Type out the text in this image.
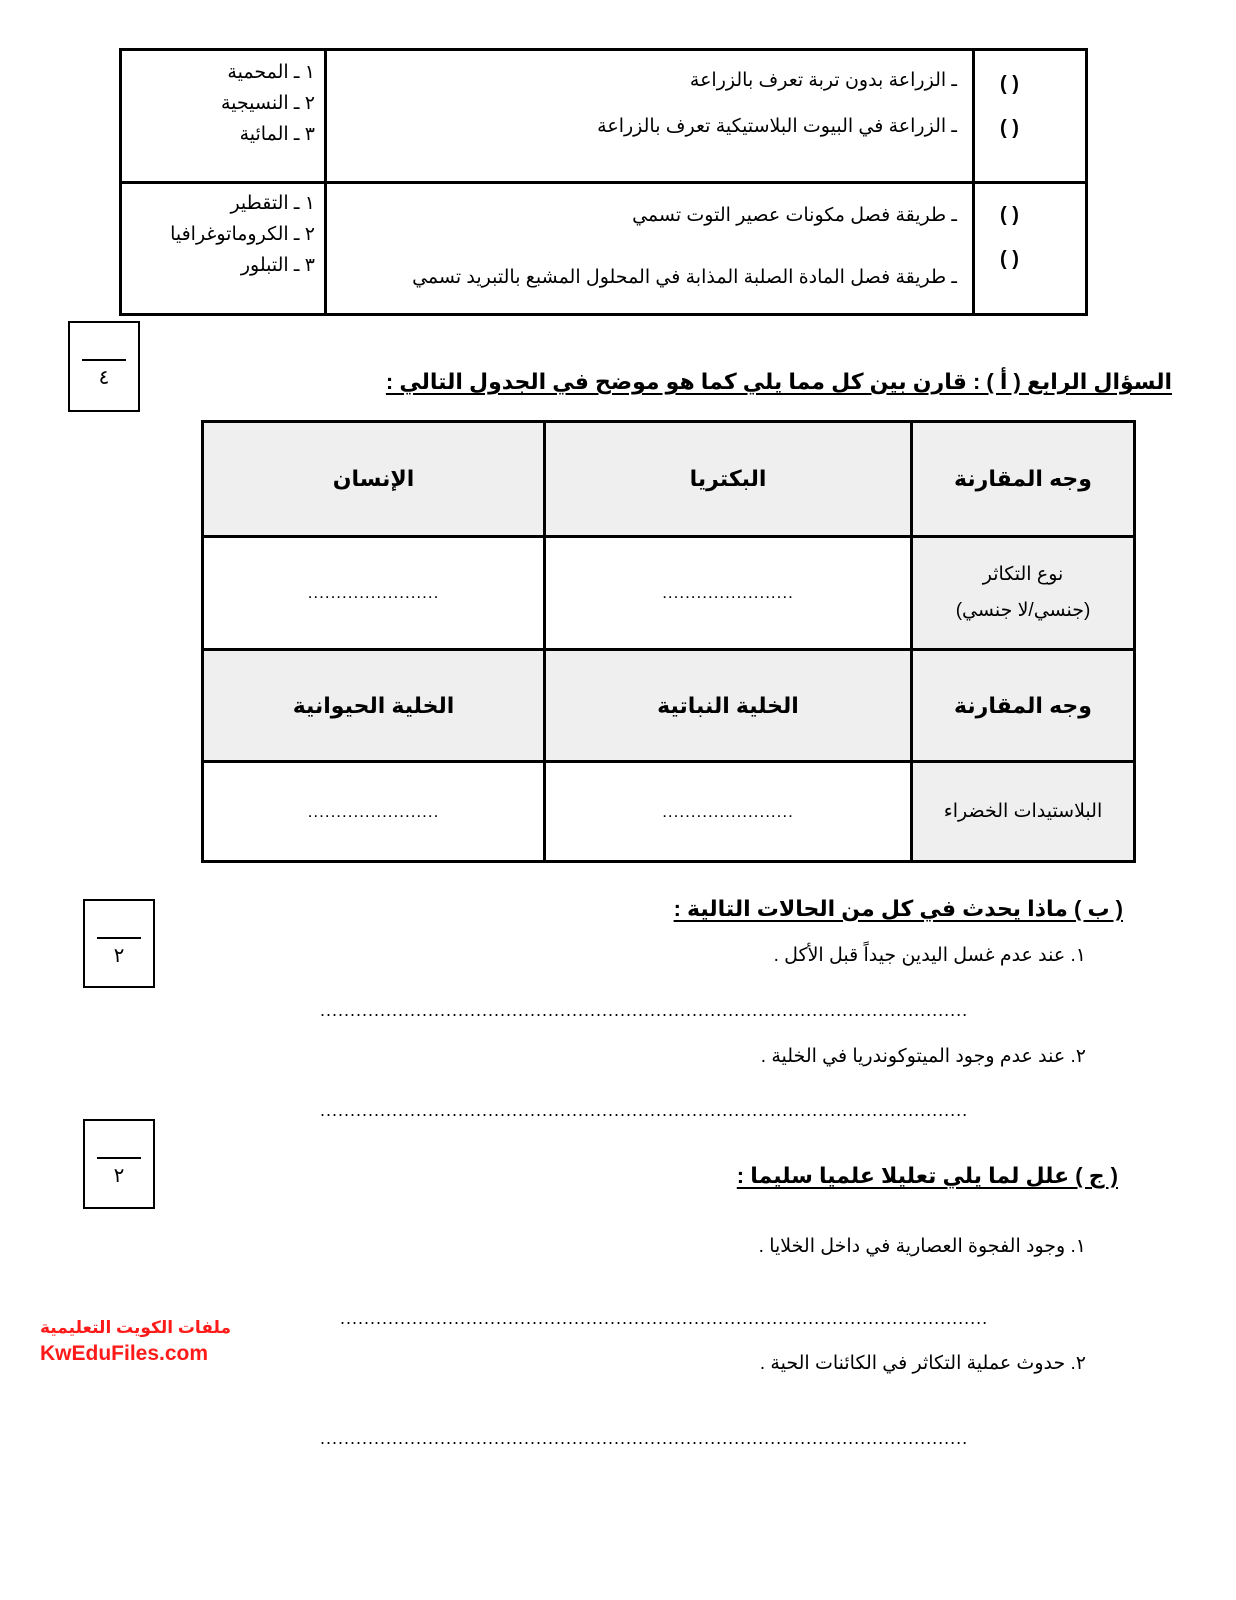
١ ـ المحمية
٢ ـ النسيجية
٣ ـ المائية
ـ الزراعة بدون تربة تعرف بالزراعة
ـ الزراعة في البيوت البلاستيكية تعرف بالزراعة
( )
( )
١ ـ التقطير
٢ ـ الكروماتوغرافيا
٣ ـ التبلور
ـ طريقة فصل مكونات عصير التوت تسمي
ـ طريقة فصل المادة الصلبة المذابة في المحلول المشبع بالتبريد تسمي
( )
( )
٤	السؤال الرابع ( أ ) : قارن بين كل مما يلي كما هو موضح في الجدول التالي :
وجه المقارنة
البكتريا
الإنسان
نوع التكاثر
(جنسي/لا جنسي)
.......................
.......................
وجه المقارنة
الخلية النباتية
الخلية الحيوانية
البلاستيدات الخضراء
.......................
.......................
٢
( ب ) ماذا يحدث في كل من الحالات التالية :
١. عند عدم غسل اليدين جيداً قبل الأكل .
............................................................................................................
٢. عند عدم وجود الميتوكوندريا في الخلية .
............................................................................................................
٢	( ج ) علل لما يلي تعليلا علميا سليما :
١. وجود الفجوة العصارية في داخل الخلايا .
............................................................................................................
٢. حدوث عملية التكاثر في الكائنات الحية .
............................................................................................................
ملفات الكويت التعليمية
KwEduFiles.com
